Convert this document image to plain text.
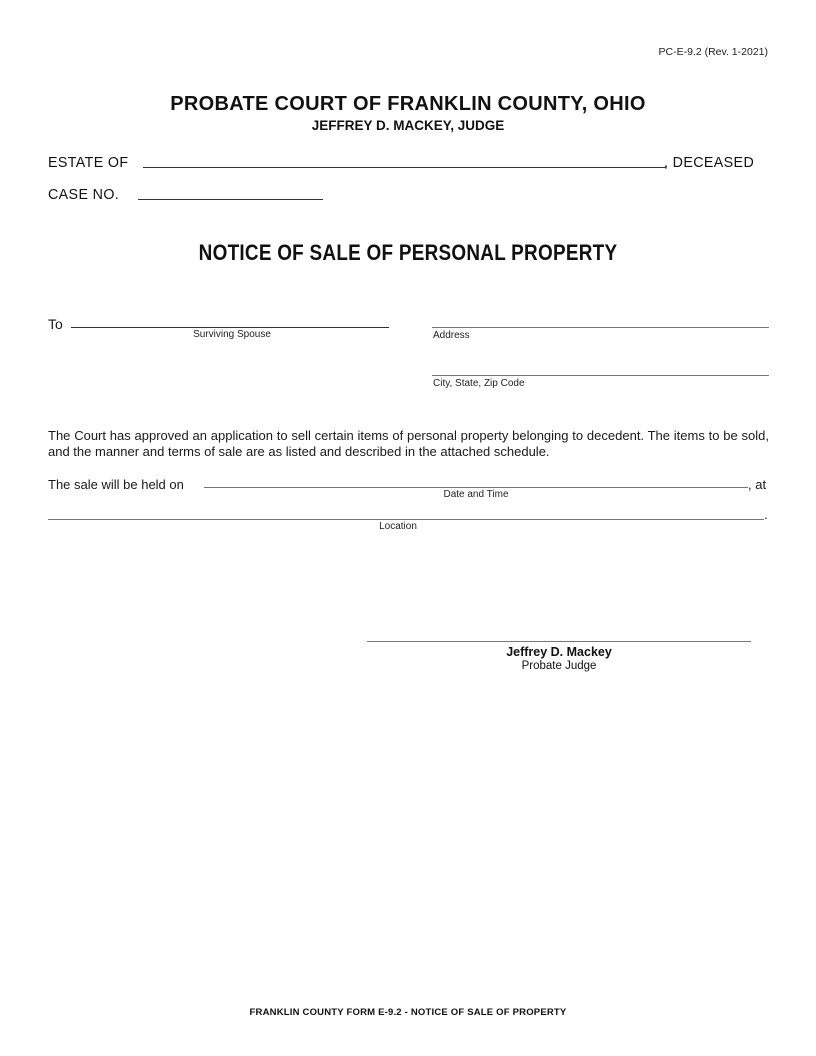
PC-E-9.2 (Rev. 1-2021)
PROBATE COURT OF FRANKLIN COUNTY, OHIO
JEFFREY D. MACKEY, JUDGE
ESTATE OF	, DECEASED
CASE NO.
NOTICE OF SALE OF PERSONAL PROPERTY
To
Surviving Spouse	Address
City, State, Zip Code
The Court has approved an application to sell certain items of personal property belonging to decedent. The items to be sold, and the manner and terms of sale are as listed and described in the attached schedule.
The sale will be held on	, at
Date and Time
.
Location
Jeffrey D. Mackey
Probate Judge
FRANKLIN COUNTY FORM E-9.2 - NOTICE OF SALE OF PROPERTY
